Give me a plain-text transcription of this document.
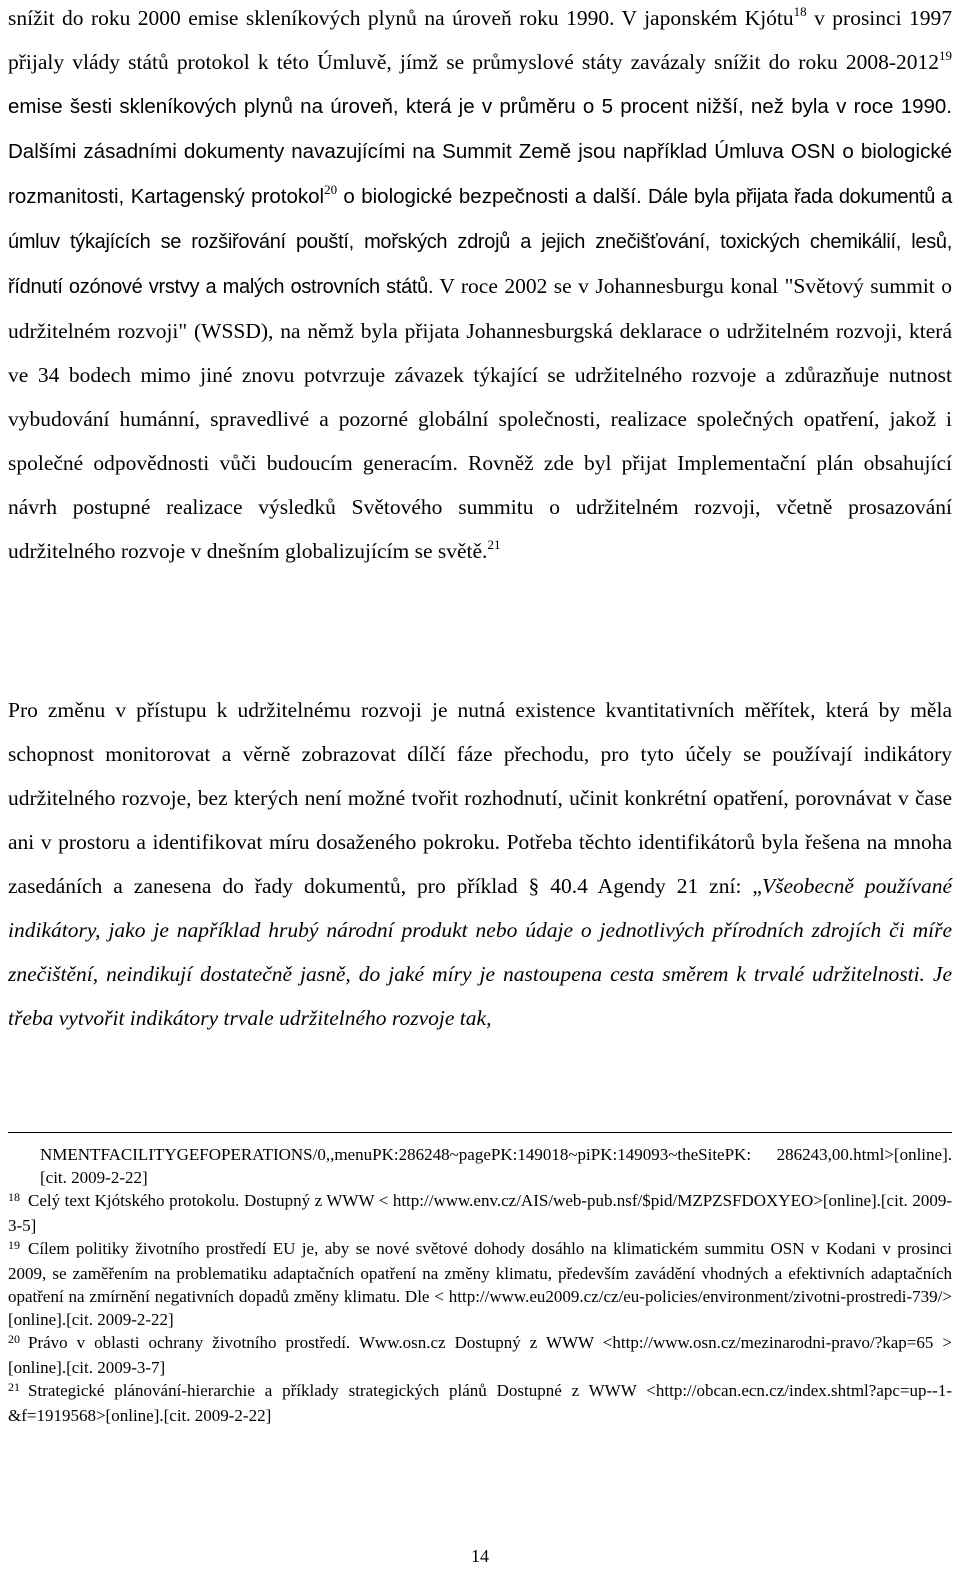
snížit do roku 2000 emise skleníkových plynů na úroveň roku 1990. V japonském Kjótu$^{18}$ v prosinci 1997 přijaly vlády států protokol k této Úmluvě, jímž se průmyslové státy zavázaly snížit do roku 2008-2012$^{19}$ emise šesti skleníkových plynů na úroveň, která je v průměru o 5 procent nižší, než byla v roce 1990. Dalšími zásadními dokumenty navazujícími na Summit Země jsou například Úmluva OSN o biologické rozmanitosti, Kartagenský protokol$^{20}$ o biologické bezpečnosti a další. Dále byla přijata řada dokumentů a úmluv týkajících se rozšiřování pouští, mořských zdrojů a jejich znečišťování, toxických chemikálií, lesů, řídnutí ozónové vrstvy a malých ostrovních států. V roce 2002 se v Johannesburgu konal "Světový summit o udržitelném rozvoji" (WSSD), na němž byla přijata Johannesburgská deklarace o udržitelném rozvoji, která ve 34 bodech mimo jiné znovu potvrzuje závazek týkající se udržitelného rozvoje a zdůrazňuje nutnost vybudování humánní, spravedlivé a pozorné globální společnosti, realizace společných opatření, jakož i společné odpovědnosti vůči budoucím generacím. Rovněž zde byl přijat Implementační plán obsahující návrh postupné realizace výsledků Světového summitu o udržitelném rozvoji, včetně prosazování udržitelného rozvoje v dnešním globalizujícím se světě.$^{21}$

Pro změnu v přístupu k udržitelnému rozvoji je nutná existence kvantitativních měřítek, která by měla schopnost monitorovat a věrně zobrazovat dílčí fáze přechodu, pro tyto účely se používají indikátory udržitelného rozvoje, bez kterých není možné tvořit rozhodnutí, učinit konkrétní opatření, porovnávat v čase ani v prostoru a identifikovat míru dosaženého pokroku. Potřeba těchto identifikátorů byla řešena na mnoha zasedáních a zanesena do řady dokumentů, pro příklad § 40.4 Agendy 21 zní: „Všeobecně používané indikátory, jako je například hrubý národní produkt nebo údaje o jednotlivých přírodních zdrojích či míře znečištění, neindikují dostatečně jasně, do jaké míry je nastoupena cesta směrem k trvalé udržitelnosti. Je třeba vytvořit indikátory trvale udržitelného rozvoje tak,

NMENTFACILITYGEFOPERATIONS/0,,menuPK:286248~pagePK:149018~piPK:149093~theSitePK: 286243,00.html>[online].[cit. 2009-2-22]

$^{18}$ Celý text Kjótského protokolu. Dostupný z WWW < http://www.env.cz/AIS/web-pub.nsf/$pid/MZPZSFDOXYEO>[online].[cit. 2009-3-5]

$^{19}$ Cílem politiky životního prostředí EU je, aby se nové světové dohody dosáhlo na klimatickém summitu OSN v Kodani v prosinci 2009, se zaměřením na problematiku adaptačních opatření na změny klimatu, především zavádění vhodných a efektivních adaptačních opatření na zmírnění negativních dopadů změny klimatu. Dle < http://www.eu2009.cz/cz/eu-policies/environment/zivotni-prostredi-739/> [online].[cit. 2009-2-22]

$^{20}$ Právo v oblasti ochrany životního prostředí. Www.osn.cz Dostupný z WWW <http://www.osn.cz/mezinarodni-pravo/?kap=65 >[online].[cit. 2009-3-7]

$^{21}$ Strategické plánování-hierarchie a příklady strategických plánů Dostupné z WWW <http://obcan.ecn.cz/index.shtml?apc=up--1-&f=1919568>[online].[cit. 2009-2-22]

14
